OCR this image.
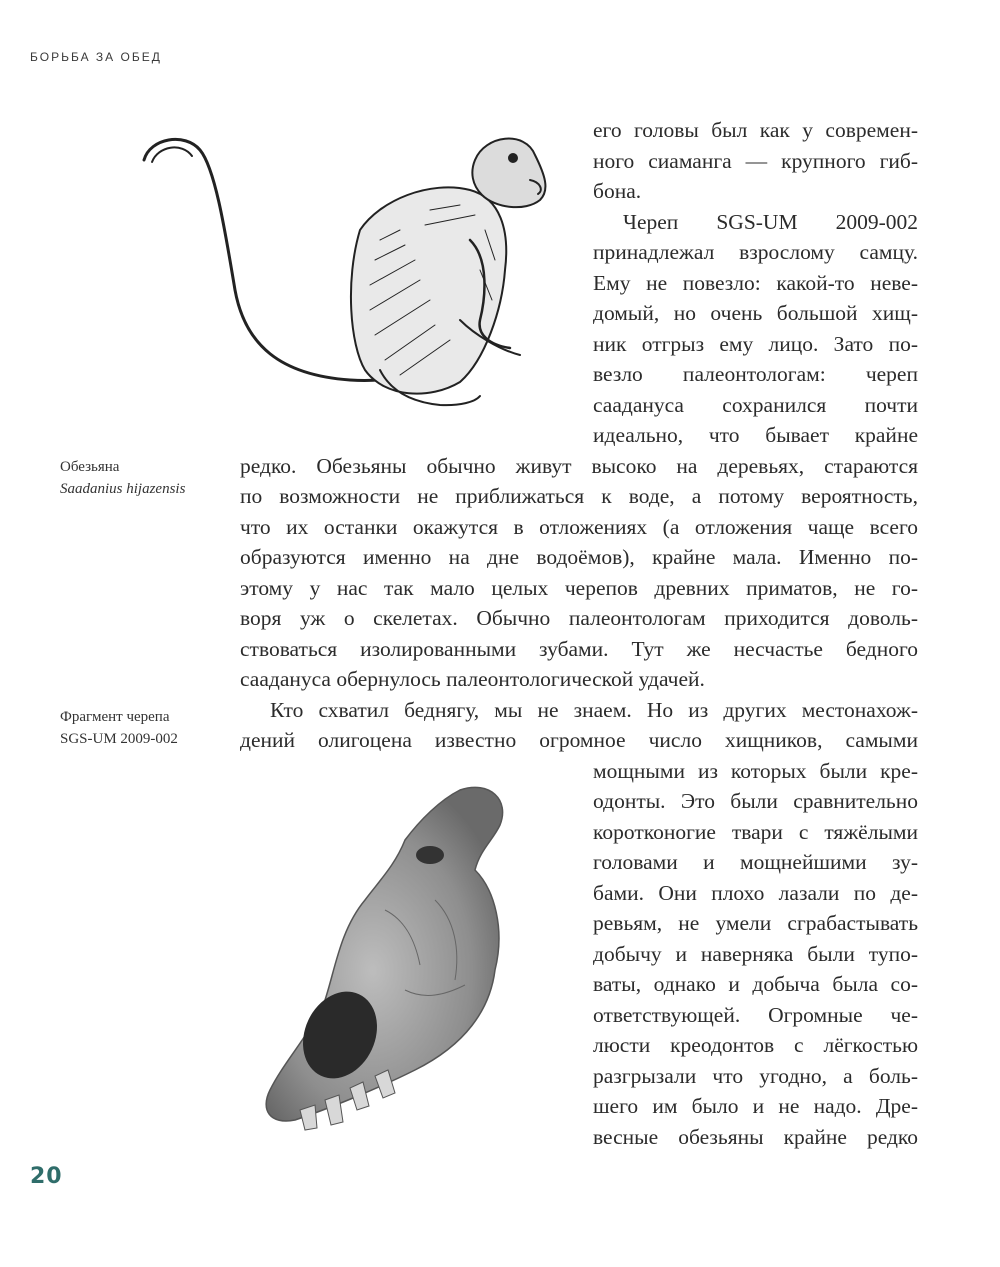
БОРЬБА ЗА ОБЕД
Обезьяна
Saadanius hijazensis
Фрагмент черепа
SGS-UM 2009-002
его головы был как у современ-
ного сиаманга — крупного гиб-
бона.
Череп SGS-UM 2009-002
принадлежал взрослому самцу.
Ему не повезло: какой-то неве-
домый, но очень большой хищ-
ник отгрыз ему лицо. Зато по-
везло палеонтологам: череп
саадануса сохранился почти
идеально, что бывает крайне
редко. Обезьяны обычно живут высоко на деревьях, стараются
по возможности не приближаться к воде, а потому вероятность,
что их останки окажутся в отложениях (а отложения чаще всего
образуются именно на дне водоёмов), крайне мала. Именно по-
этому у нас так мало целых черепов древних приматов, не го-
воря уж о скелетах. Обычно палеонтологам приходится доволь-
ствоваться изолированными зубами. Тут же несчастье бедного
саадануса обернулось палеонтологической удачей.
Кто схватил беднягу, мы не знаем. Но из других местонахож-
дений олигоцена известно огромное число хищников, самыми
мощными из которых были кре-
одонты. Это были сравнительно
коротконогие твари с тяжёлыми
головами и мощнейшими зу-
бами. Они плохо лазали по де-
ревьям, не умели сграбастывать
добычу и наверняка были тупо-
ваты, однако и добыча была со-
ответствующей. Огромные че-
люсти креодонтов с лёгкостью
разгрызали что угодно, а боль-
шего им было и не надо. Дре-
весные обезьяны крайне редко
20
